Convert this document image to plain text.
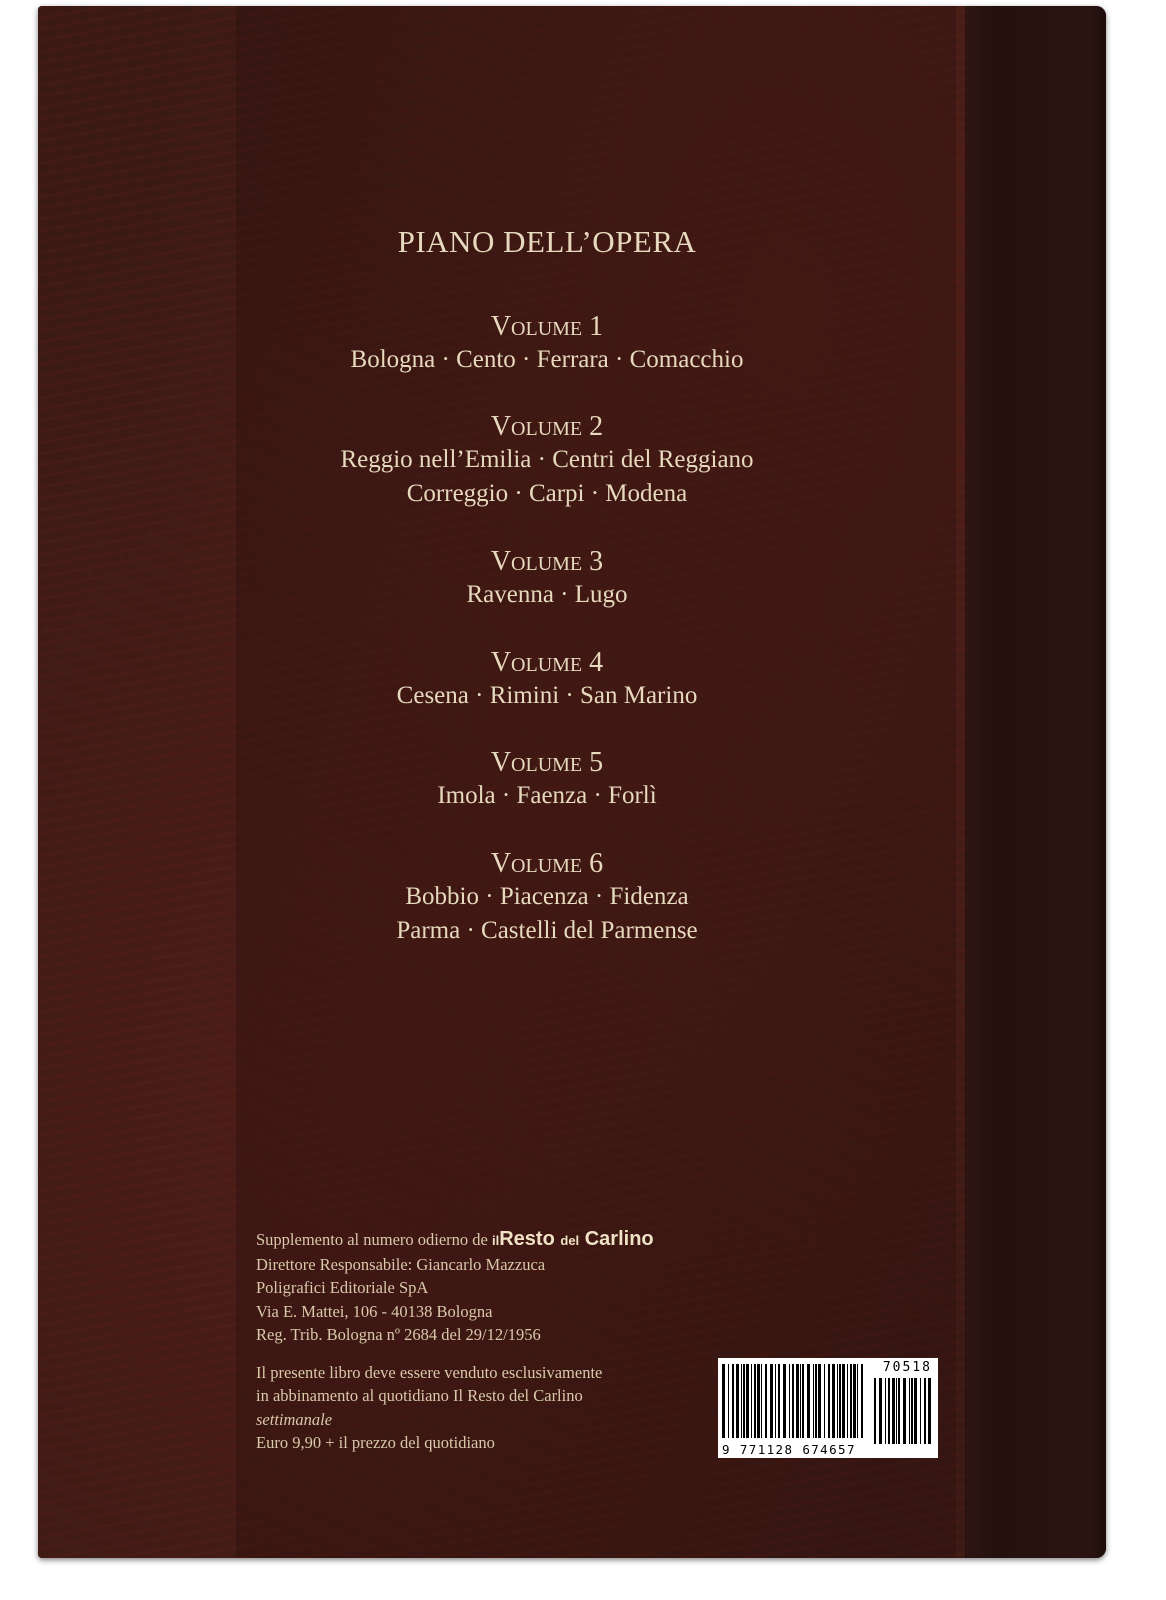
PIANO DELL’OPERA
Volume 1
Bologna · Cento · Ferrara · Comacchio
Volume 2
Reggio nell’Emilia · Centri del Reggiano
Correggio · Carpi · Modena
Volume 3
Ravenna · Lugo
Volume 4
Cesena · Rimini · San Marino
Volume 5
Imola · Faenza · Forlì
Volume 6
Bobbio · Piacenza · Fidenza
Parma · Castelli del Parmense
Supplemento al numero odierno de ilResto del Carlino
Direttore Responsabile: Giancarlo Mazzuca
Poligrafici Editoriale SpA
Via E. Mattei, 106 - 40138 Bologna
Reg. Trib. Bologna nº 2684 del 29/12/1956
Il presente libro deve essere venduto esclusivamente
in abbinamento al quotidiano Il Resto del Carlino
settimanale
Euro 9,90 + il prezzo del quotidiano
70518
9 771128 674657
